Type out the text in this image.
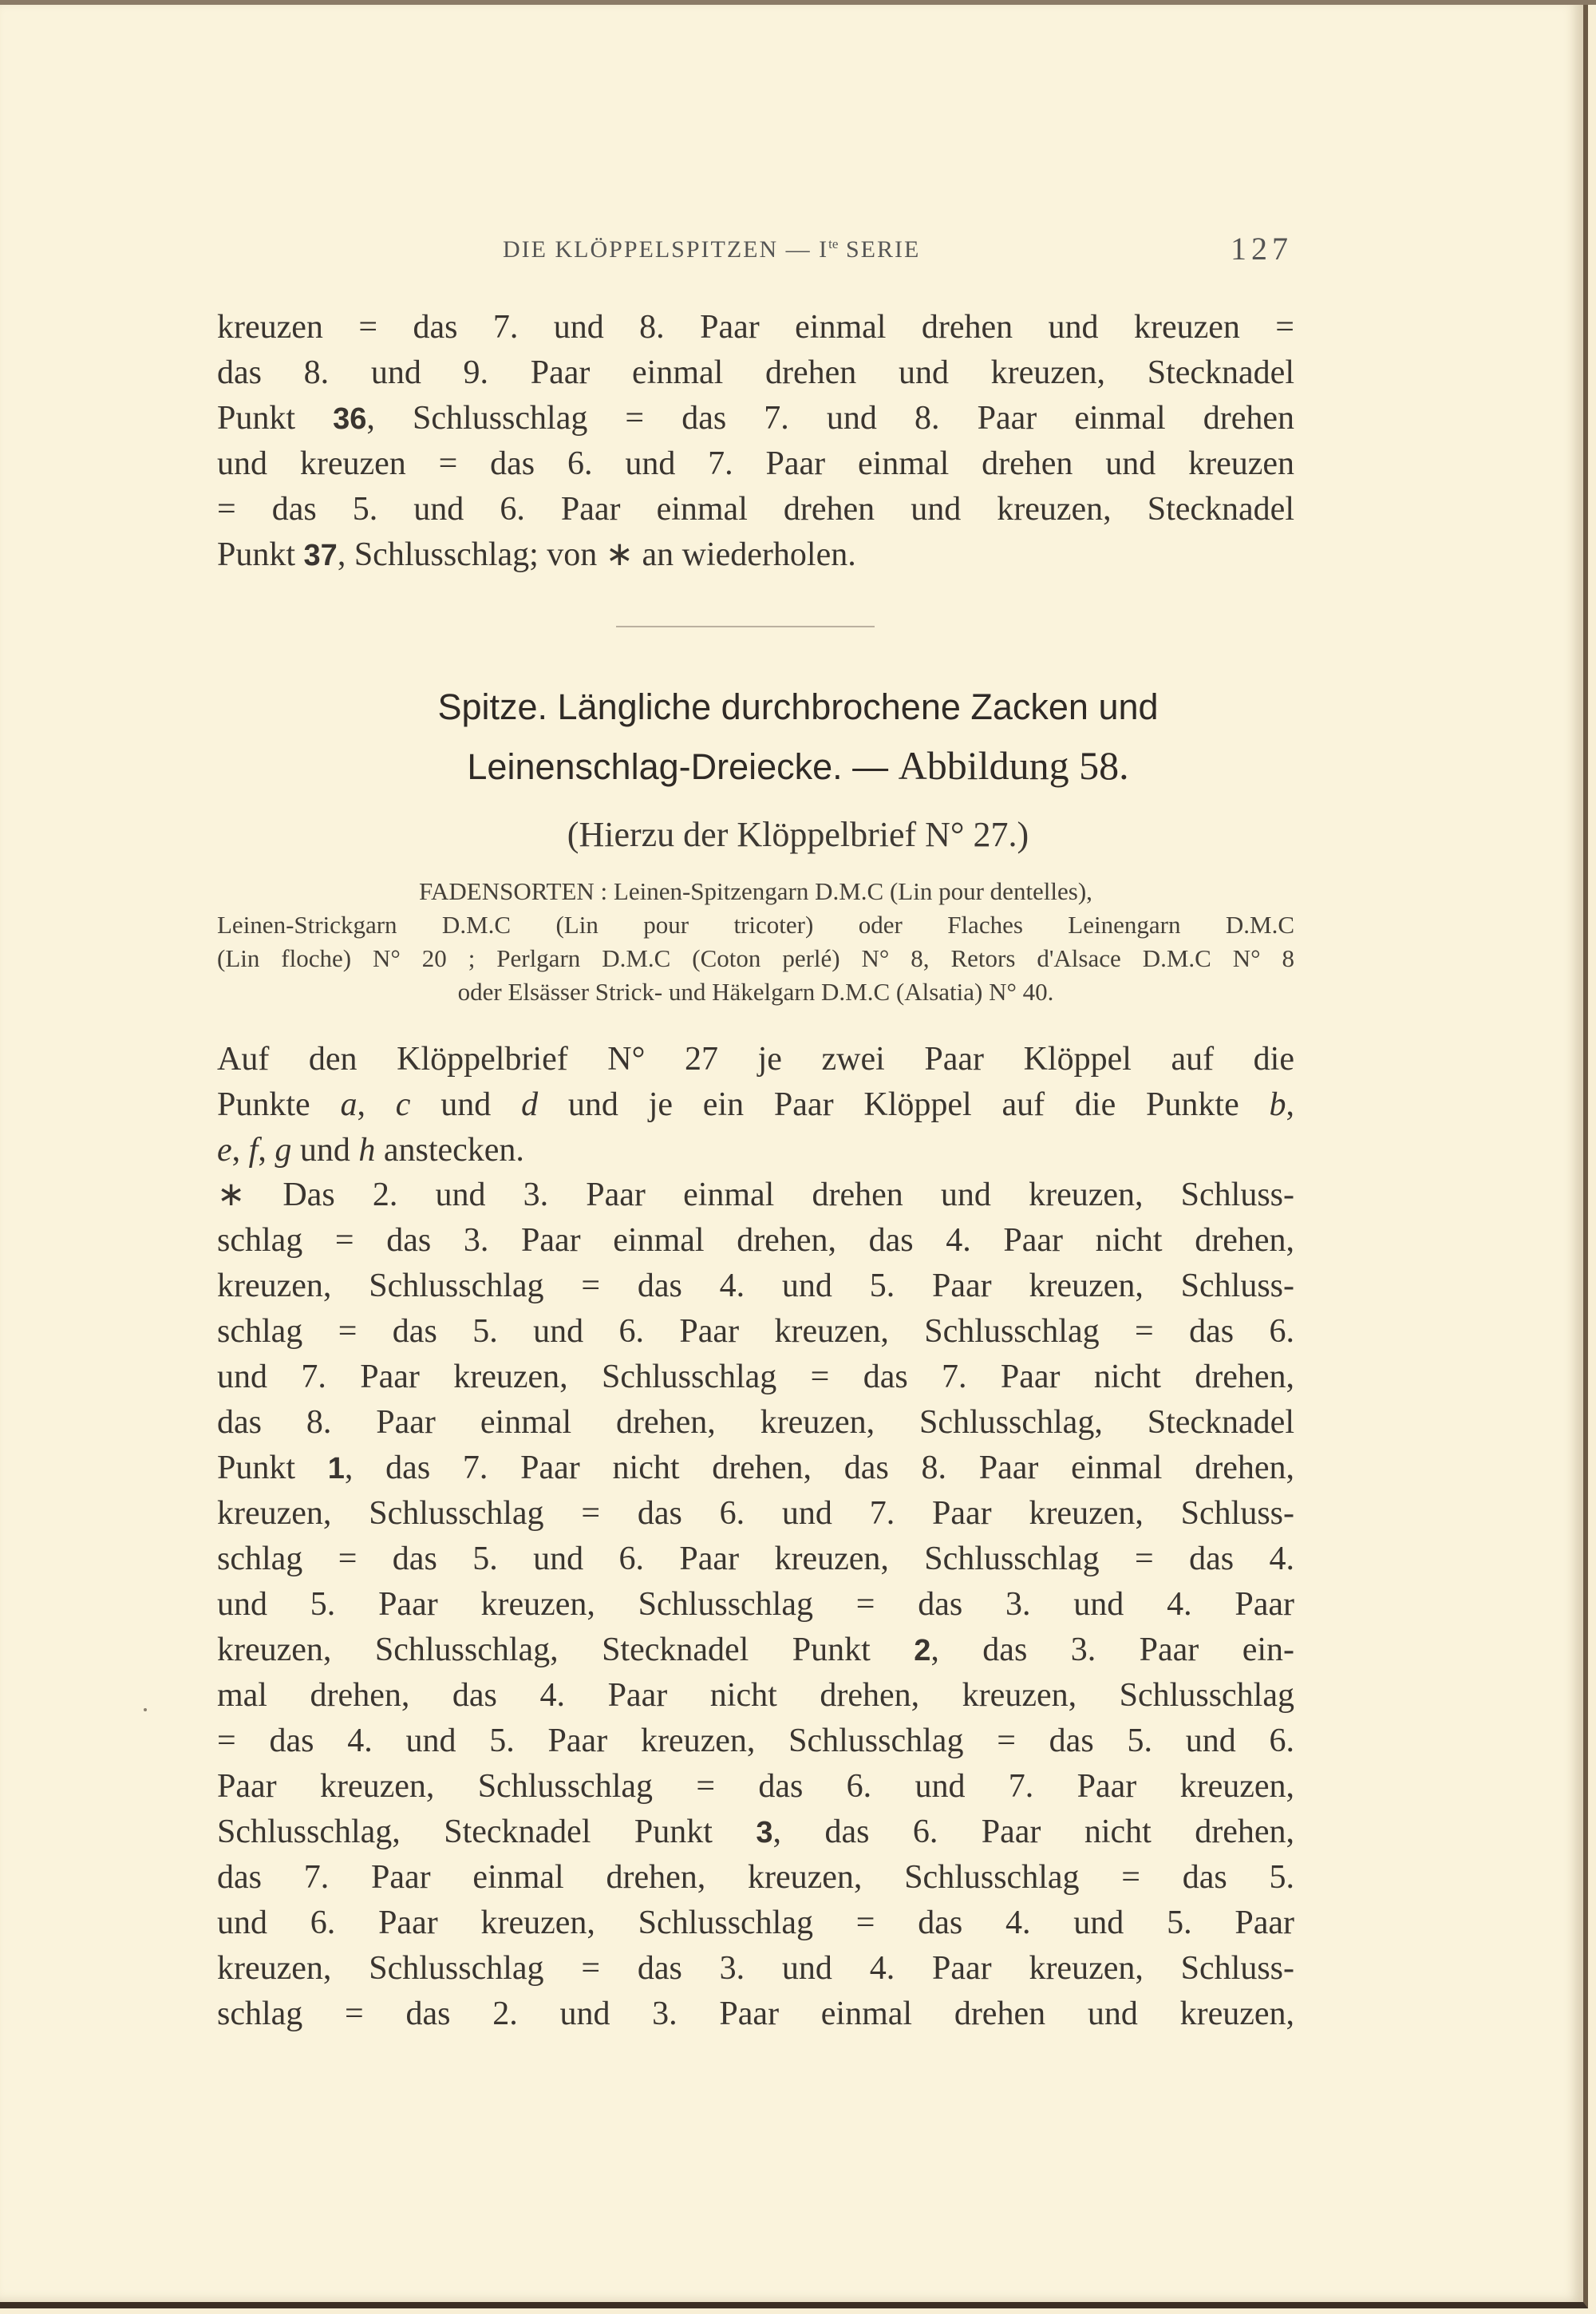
DIE KLÖPPELSPITZEN — $I^{te}$ SERIE	127
kreuzen = das 7. und 8. Paar einmal drehen und kreuzen =
das 8. und 9. Paar einmal drehen und kreuzen, Stecknadel
Punkt 36, Schlusschlag = das 7. und 8. Paar einmal drehen
und kreuzen = das 6. und 7. Paar einmal drehen und kreuzen
= das 5. und 6. Paar einmal drehen und kreuzen, Stecknadel
Punkt 37, Schlusschlag; von ∗ an wiederholen.
Spitze. Längliche durchbrochene Zacken und
Leinenschlag-Dreiecke. — Abbildung 58.
(Hierzu der Klöppelbrief N° 27.)
FADENSORTEN : Leinen-Spitzengarn D.M.C (Lin pour dentelles),
Leinen-Strickgarn D.M.C (Lin pour tricoter) oder Flaches Leinengarn D.M.C
(Lin floche) N° 20 ; Perlgarn D.M.C (Coton perlé) N° 8, Retors d'Alsace D.M.C N° 8
oder Elsässer Strick- und Häkelgarn D.M.C (Alsatia) N° 40.
Auf den Klöppelbrief N° 27 je zwei Paar Klöppel auf die
Punkte a, c und d und je ein Paar Klöppel auf die Punkte b,
e, f, g und h anstecken.
∗ Das 2. und 3. Paar einmal drehen und kreuzen, Schluss-
schlag = das 3. Paar einmal drehen, das 4. Paar nicht drehen,
kreuzen, Schlusschlag = das 4. und 5. Paar kreuzen, Schluss-
schlag = das 5. und 6. Paar kreuzen, Schlusschlag = das 6.
und 7. Paar kreuzen, Schlusschlag = das 7. Paar nicht drehen,
das 8. Paar einmal drehen, kreuzen, Schlusschlag, Stecknadel
Punkt 1, das 7. Paar nicht drehen, das 8. Paar einmal drehen,
kreuzen, Schlusschlag = das 6. und 7. Paar kreuzen, Schluss-
schlag = das 5. und 6. Paar kreuzen, Schlusschlag = das 4.
und 5. Paar kreuzen, Schlusschlag = das 3. und 4. Paar
kreuzen, Schlusschlag, Stecknadel Punkt 2, das 3. Paar ein-
mal drehen, das 4. Paar nicht drehen, kreuzen, Schlusschlag
= das 4. und 5. Paar kreuzen, Schlusschlag = das 5. und 6.
Paar kreuzen, Schlusschlag = das 6. und 7. Paar kreuzen,
Schlusschlag, Stecknadel Punkt 3, das 6. Paar nicht drehen,
das 7. Paar einmal drehen, kreuzen, Schlusschlag = das 5.
und 6. Paar kreuzen, Schlusschlag = das 4. und 5. Paar
kreuzen, Schlusschlag = das 3. und 4. Paar kreuzen, Schluss-
schlag = das 2. und 3. Paar einmal drehen und kreuzen,
